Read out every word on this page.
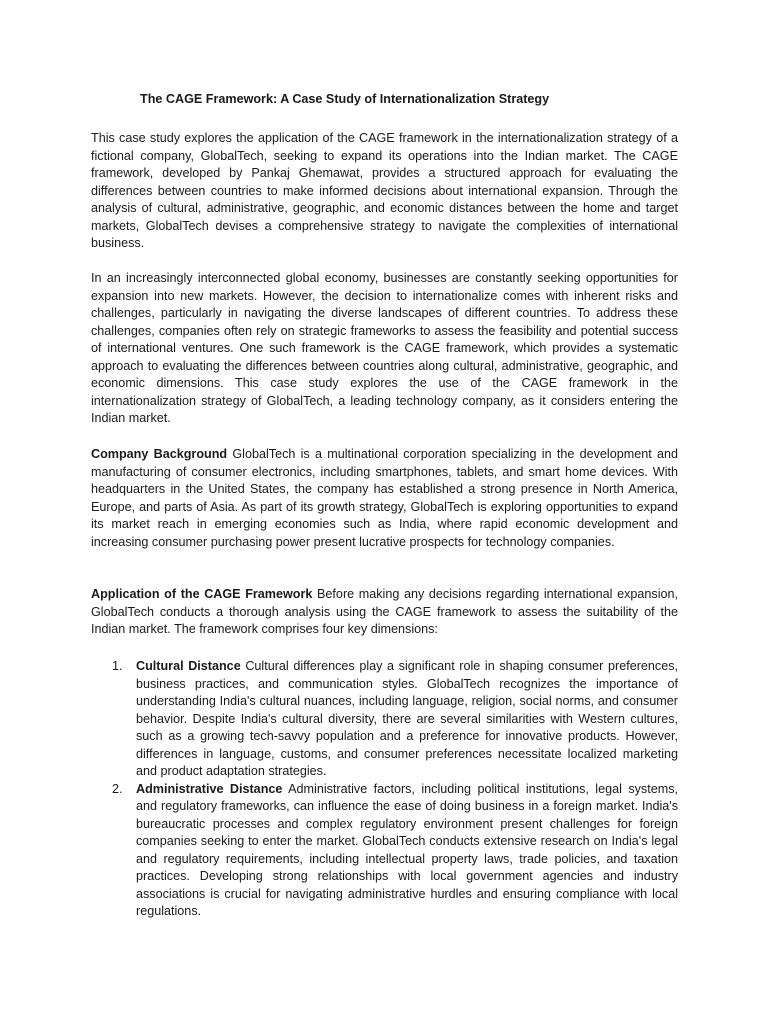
The CAGE Framework: A Case Study of Internationalization Strategy

This case study explores the application of the CAGE framework in the internationalization strategy of a fictional company, GlobalTech, seeking to expand its operations into the Indian market. The CAGE framework, developed by Pankaj Ghemawat, provides a structured approach for evaluating the differences between countries to make informed decisions about international expansion. Through the analysis of cultural, administrative, geographic, and economic distances between the home and target markets, GlobalTech devises a comprehensive strategy to navigate the complexities of international business.

In an increasingly interconnected global economy, businesses are constantly seeking opportunities for expansion into new markets. However, the decision to internationalize comes with inherent risks and challenges, particularly in navigating the diverse landscapes of different countries. To address these challenges, companies often rely on strategic frameworks to assess the feasibility and potential success of international ventures. One such framework is the CAGE framework, which provides a systematic approach to evaluating the differences between countries along cultural, administrative, geographic, and economic dimensions. This case study explores the use of the CAGE framework in the internationalization strategy of GlobalTech, a leading technology company, as it considers entering the Indian market.

Company Background GlobalTech is a multinational corporation specializing in the development and manufacturing of consumer electronics, including smartphones, tablets, and smart home devices. With headquarters in the United States, the company has established a strong presence in North America, Europe, and parts of Asia. As part of its growth strategy, GlobalTech is exploring opportunities to expand its market reach in emerging economies such as India, where rapid economic development and increasing consumer purchasing power present lucrative prospects for technology companies.

Application of the CAGE Framework Before making any decisions regarding international expansion, GlobalTech conducts a thorough analysis using the CAGE framework to assess the suitability of the Indian market. The framework comprises four key dimensions:

1. Cultural Distance Cultural differences play a significant role in shaping consumer preferences, business practices, and communication styles. GlobalTech recognizes the importance of understanding India's cultural nuances, including language, religion, social norms, and consumer behavior. Despite India's cultural diversity, there are several similarities with Western cultures, such as a growing tech-savvy population and a preference for innovative products. However, differences in language, customs, and consumer preferences necessitate localized marketing and product adaptation strategies.
2. Administrative Distance Administrative factors, including political institutions, legal systems, and regulatory frameworks, can influence the ease of doing business in a foreign market. India's bureaucratic processes and complex regulatory environment present challenges for foreign companies seeking to enter the market. GlobalTech conducts extensive research on India's legal and regulatory requirements, including intellectual property laws, trade policies, and taxation practices. Developing strong relationships with local government agencies and industry associations is crucial for navigating administrative hurdles and ensuring compliance with local regulations.
